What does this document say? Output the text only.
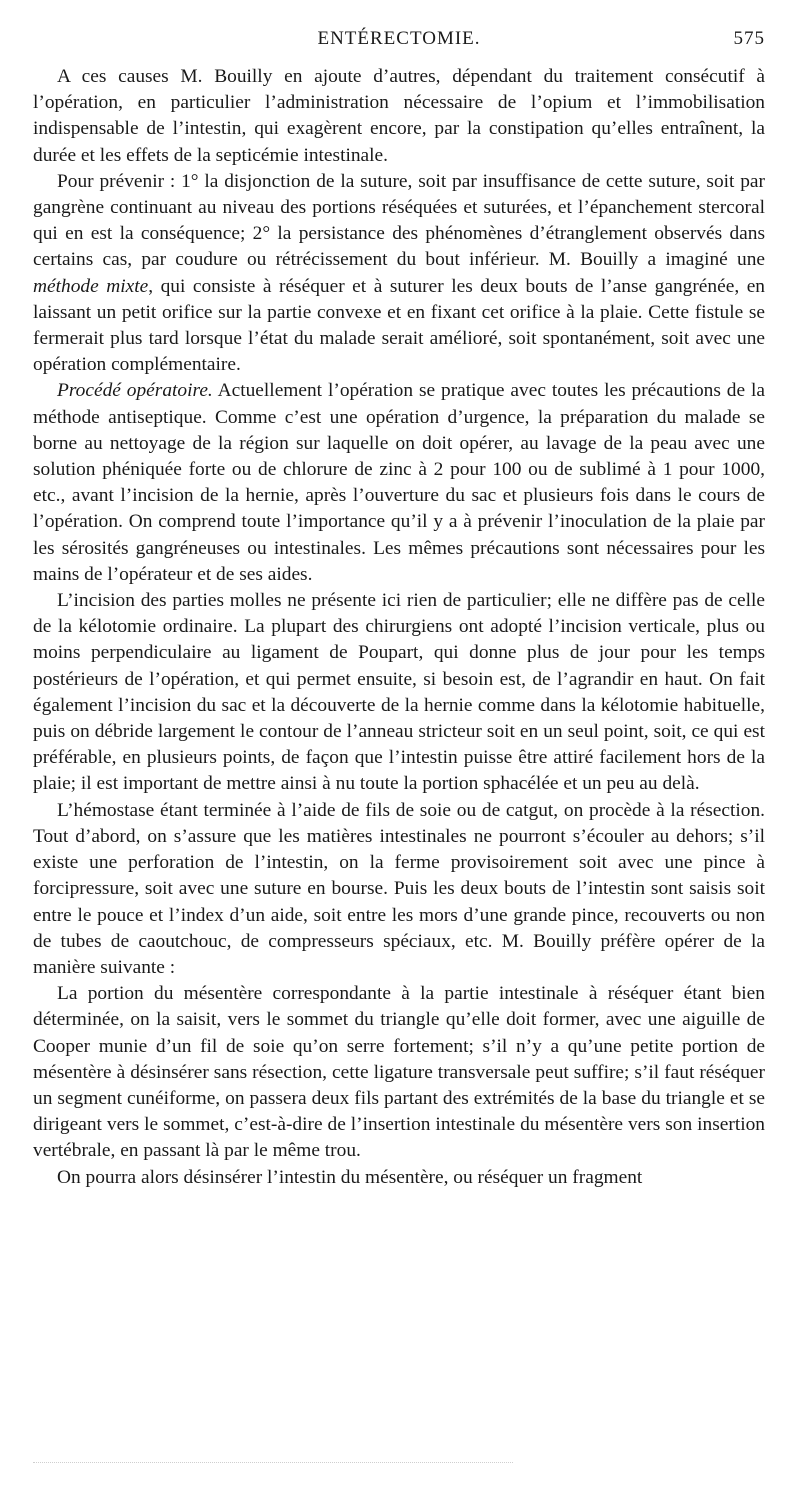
ENTÉRECTOMIE.	575

A ces causes M. Bouilly en ajoute d’autres, dépendant du traitement consécutif à l’opération, en particulier l’administration nécessaire de l’opium et l’immobilisation indispensable de l’intestin, qui exagèrent encore, par la constipation qu’elles entraînent, la durée et les effets de la septicémie intestinale.

Pour prévenir : 1° la disjonction de la suture, soit par insuffisance de cette suture, soit par gangrène continuant au niveau des portions réséquées et suturées, et l’épanchement stercoral qui en est la conséquence; 2° la persistance des phénomènes d’étranglement observés dans certains cas, par coudure ou rétrécissement du bout inférieur. M. Bouilly a imaginé une méthode mixte, qui consiste à réséquer et à suturer les deux bouts de l’anse gangrénée, en laissant un petit orifice sur la partie convexe et en fixant cet orifice à la plaie. Cette fistule se fermerait plus tard lorsque l’état du malade serait amélioré, soit spontanément, soit avec une opération complémentaire.

Procédé opératoire. Actuellement l’opération se pratique avec toutes les précautions de la méthode antiseptique. Comme c’est une opération d’urgence, la préparation du malade se borne au nettoyage de la région sur laquelle on doit opérer, au lavage de la peau avec une solution phéniquée forte ou de chlorure de zinc à 2 pour 100 ou de sublimé à 1 pour 1000, etc., avant l’incision de la hernie, après l’ouverture du sac et plusieurs fois dans le cours de l’opération. On comprend toute l’importance qu’il y a à prévenir l’inoculation de la plaie par les sérosités gangréneuses ou intestinales. Les mêmes précautions sont nécessaires pour les mains de l’opérateur et de ses aides.

L’incision des parties molles ne présente ici rien de particulier; elle ne diffère pas de celle de la kélotomie ordinaire. La plupart des chirurgiens ont adopté l’incision verticale, plus ou moins perpendiculaire au ligament de Poupart, qui donne plus de jour pour les temps postérieurs de l’opération, et qui permet ensuite, si besoin est, de l’agrandir en haut. On fait également l’incision du sac et la découverte de la hernie comme dans la kélotomie habituelle, puis on débride largement le contour de l’anneau stricteur soit en un seul point, soit, ce qui est préférable, en plusieurs points, de façon que l’intestin puisse être attiré facilement hors de la plaie; il est important de mettre ainsi à nu toute la portion sphacélée et un peu au delà.

L’hémostase étant terminée à l’aide de fils de soie ou de catgut, on procède à la résection. Tout d’abord, on s’assure que les matières intestinales ne pourront s’écouler au dehors; s’il existe une perforation de l’intestin, on la ferme provisoirement soit avec une pince à forcipressure, soit avec une suture en bourse. Puis les deux bouts de l’intestin sont saisis soit entre le pouce et l’index d’un aide, soit entre les mors d’une grande pince, recouverts ou non de tubes de caoutchouc, de compresseurs spéciaux, etc. M. Bouilly préfère opérer de la manière suivante :

La portion du mésentère correspondante à la partie intestinale à réséquer étant bien déterminée, on la saisit, vers le sommet du triangle qu’elle doit former, avec une aiguille de Cooper munie d’un fil de soie qu’on serre fortement; s’il n’y a qu’une petite portion de mésentère à désinsérer sans résection, cette ligature transversale peut suffire; s’il faut réséquer un segment cunéiforme, on passera deux fils partant des extrémités de la base du triangle et se dirigeant vers le sommet, c’est-à-dire de l’insertion intestinale du mésentère vers son insertion vertébrale, en passant là par le même trou.

On pourra alors désinsérer l’intestin du mésentère, ou réséquer un fragment
